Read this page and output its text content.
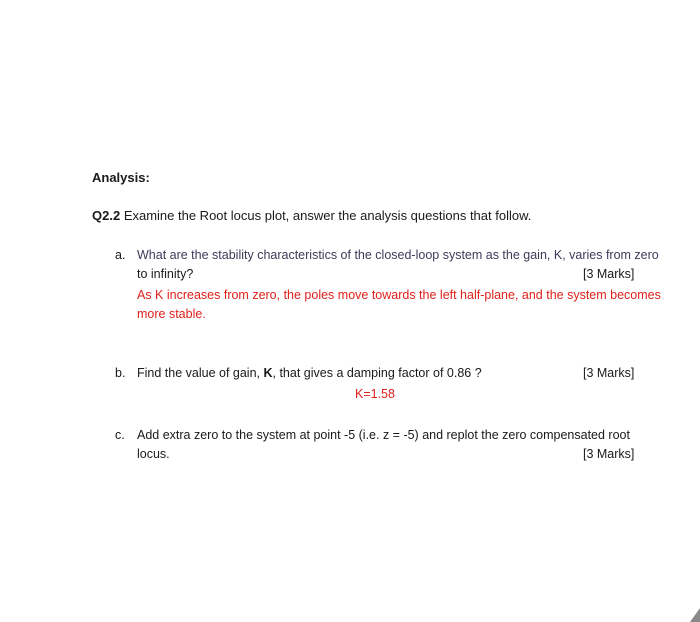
Analysis:
Q2.2 Examine the Root locus plot, answer the analysis questions that follow.
a. What are the stability characteristics of the closed-loop system as the gain, K, varies from zero
to infinity?	[3 Marks]
As K increases from zero, the poles move towards the left half-plane, and the system becomes
more stable.
b. Find the value of gain, K, that gives a damping factor of 0.86 ?	[3 Marks]
K=1.58
c. Add extra zero to the system at point -5 (i.e. z = -5) and replot the zero compensated root
locus.	[3 Marks]
